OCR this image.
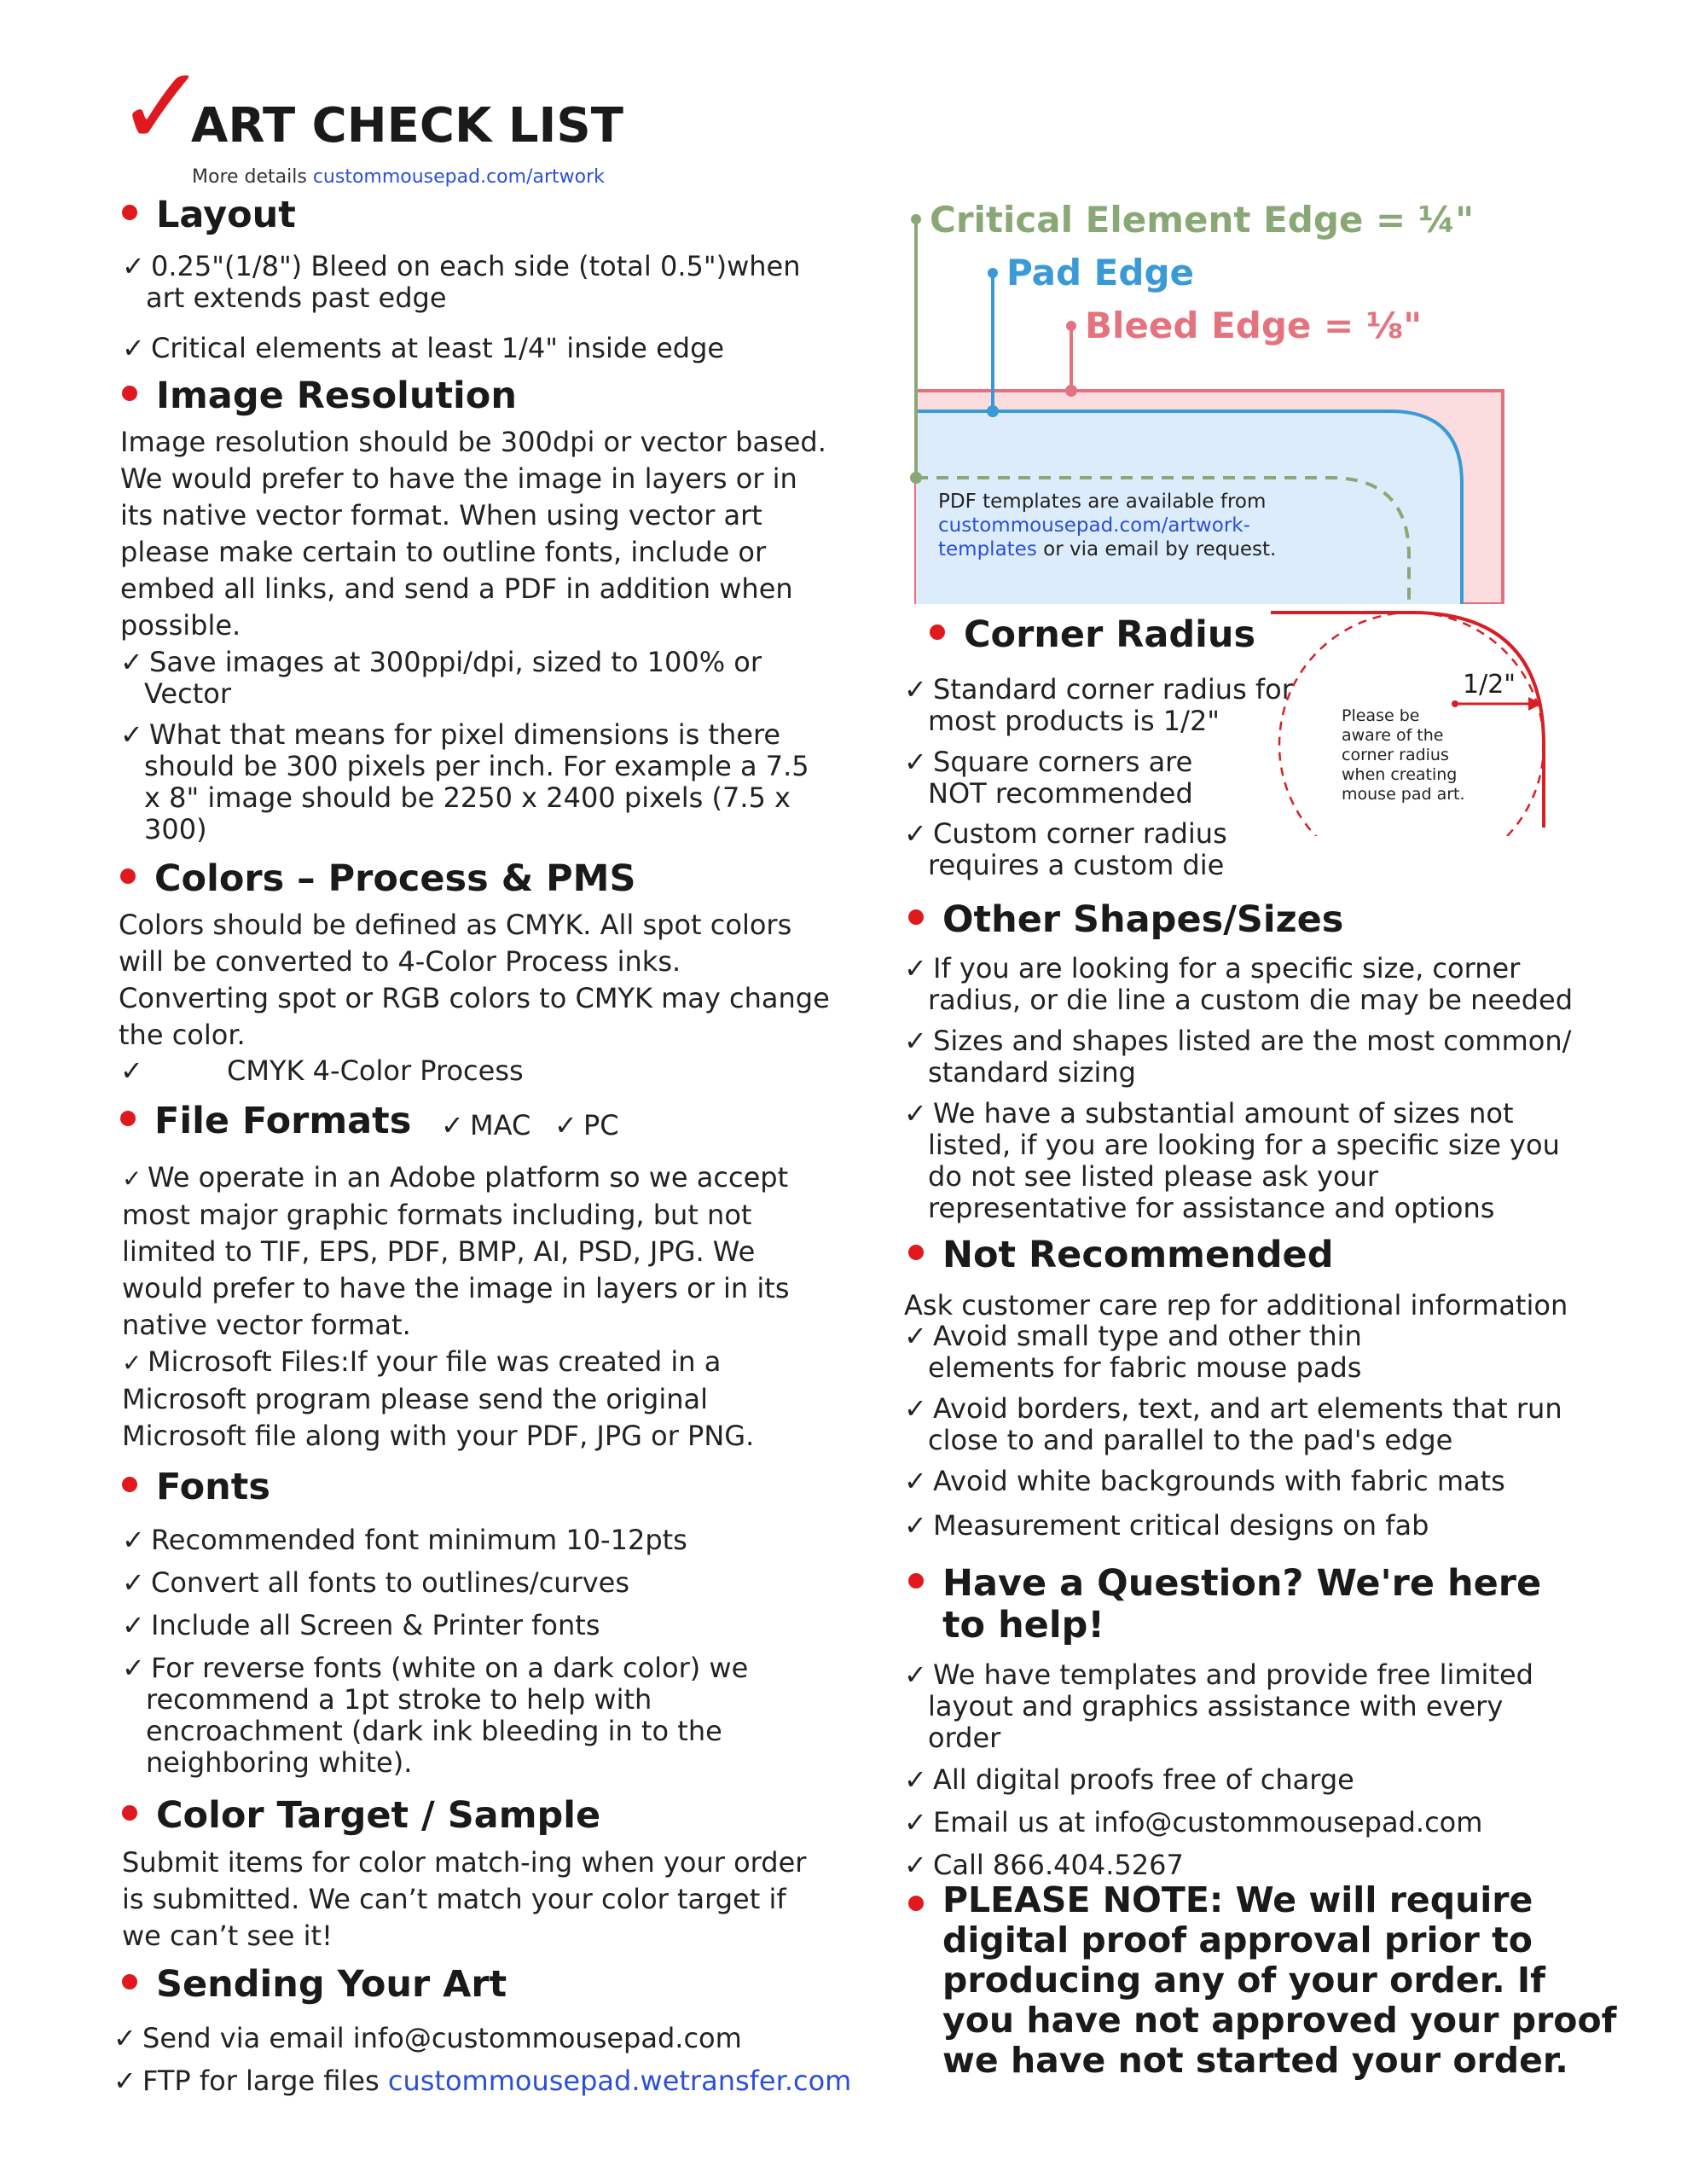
✓
ART CHECK LIST
More details custommousepad.com/artwork
Layout
✓ 0.25"(1/8") Bleed on each side (total 0.5")when
art extends past edge
✓ Critical elements at least 1/4" inside edge
Image Resolution
Image resolution should be 300dpi or vector based.
We would prefer to have the image in layers or in
its native vector format. When using vector art
please make certain to outline fonts, include or
embed all links, and send a PDF in addition when
possible.
✓ Save images at 300ppi/dpi, sized to 100% or
Vector
✓ What that means for pixel dimensions is there
should be 300 pixels per inch. For example a 7.5
x 8" image should be 2250 x 2400 pixels (7.5 x
300)
Colors – Process & PMS
Colors should be defined as CMYK. All spot colors
will be converted to 4-Color Process inks.
Converting spot or RGB colors to CMYK may change
the color.
✓	CMYK 4-Color Process
File Formats ✓ MAC ✓ PC
✓ We operate in an Adobe platform so we accept
most major graphic formats including, but not
limited to TIF, EPS, PDF, BMP, AI, PSD, JPG. We
would prefer to have the image in layers or in its
native vector format.
✓ Microsoft Files:If your file was created in a
Microsoft program please send the original
Microsoft file along with your PDF, JPG or PNG.
Fonts
✓ Recommended font minimum 10-12pts
✓ Convert all fonts to outlines/curves
✓ Include all Screen & Printer fonts
✓ For reverse fonts (white on a dark color) we
recommend a 1pt stroke to help with
encroachment (dark ink bleeding in to the
neighboring white).
Color Target / Sample
Submit items for color match-ing when your order
is submitted. We can’t match your color target if
we can’t see it!
Sending Your Art
✓ Send via email info@custommousepad.com
✓ FTP for large files custommousepad.wetransfer.com
Critical Element Edge = ¼"
Pad Edge
Bleed Edge = ⅛"
PDF templates are available from
custommousepad.com/artwork-
templates or via email by request.
Corner Radius
✓ Standard corner radius for
most products is 1/2"
✓ Square corners are
NOT recommended
✓ Custom corner radius
requires a custom die
1/2"
Please be
aware of the
corner radius
when creating
mouse pad art.
Other Shapes/Sizes
✓ If you are looking for a specific size, corner
radius, or die line a custom die may be needed
✓ Sizes and shapes listed are the most common/
standard sizing
✓ We have a substantial amount of sizes not
listed, if you are looking for a specific size you
do not see listed please ask your
representative for assistance and options
Not Recommended
Ask customer care rep for additional information
✓ Avoid small type and other thin
elements for fabric mouse pads
✓ Avoid borders, text, and art elements that run
close to and parallel to the pad's edge
✓ Avoid white backgrounds with fabric mats
✓ Measurement critical designs on fab
Have a Question? We're here
to help!
✓ We have templates and provide free limited
layout and graphics assistance with every
order
✓ All digital proofs free of charge
✓ Email us at info@custommousepad.com
✓ Call 866.404.5267
PLEASE NOTE: We will require
digital proof approval prior to
producing any of your order. If
you have not approved your proof
we have not started your order.
